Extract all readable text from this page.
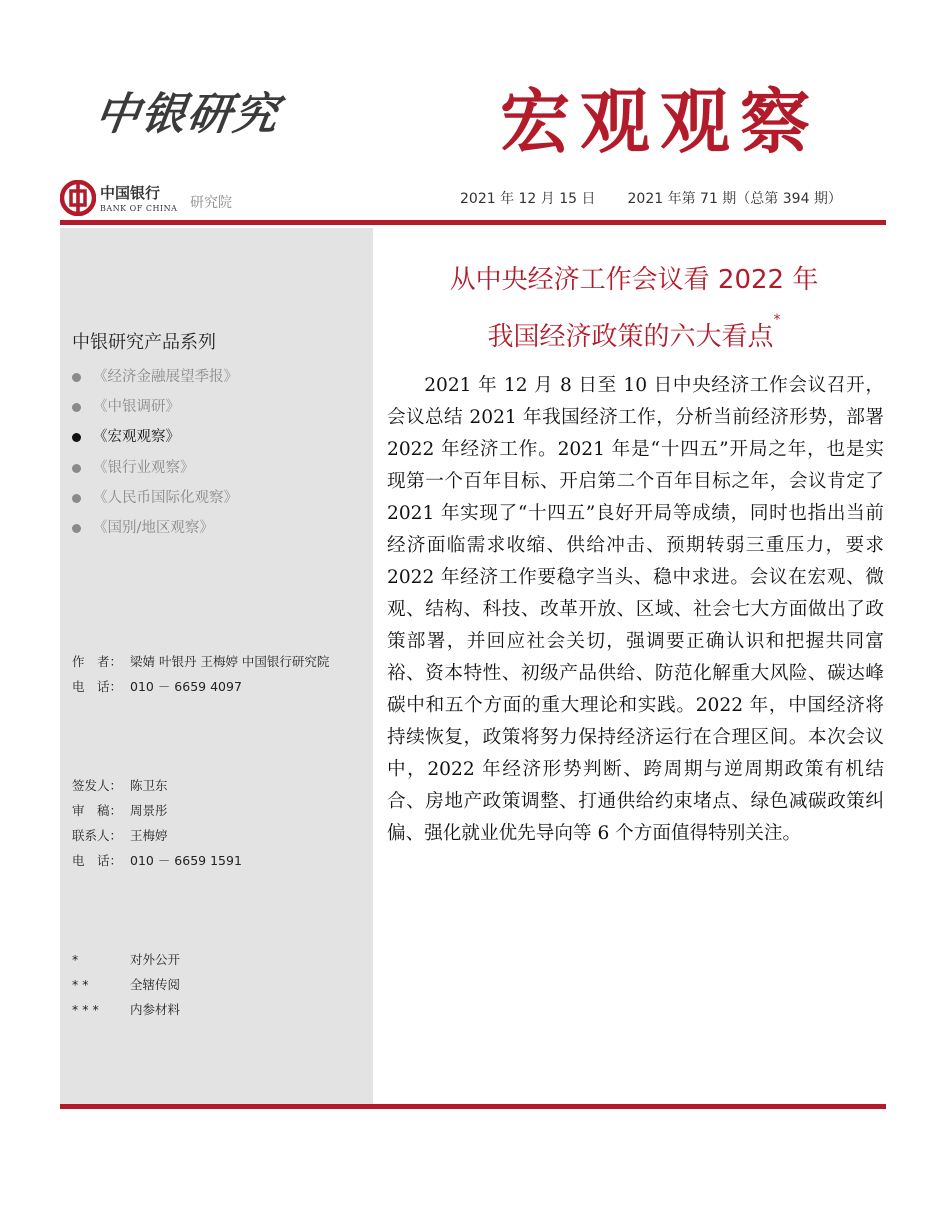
中银研究	宏观观察
中国银行
BANK OF CHINA 研究院	2021 年 12 月 15 日 2021 年第 71 期（总第 394 期）
中银研究产品系列
《经济金融展望季报》
《中银调研》
《宏观观察》
《银行业观察》
《人民币国际化观察》
《国别/地区观察》
作　者： 梁婧 叶银丹 王梅婷 中国银行研究院
电　话： 010 － 6659 4097
签发人： 陈卫东
审　稿： 周景彤
联系人： 王梅婷
电　话： 010 － 6659 1591
*	对外公开
**	全辖传阅
*** 内参材料
从中央经济工作会议看 2022 年
我国经济政策的六大看点*

2021 年 12 月 8 日至 10 日中央经济工作会议召开，会议总结 2021 年我国经济工作，分析当前经济形势，部署 2022 年经济工作。2021 年是“十四五”开局之年，也是实现第一个百年目标、开启第二个百年目标之年，会议肯定了 2021 年实现了“十四五”良好开局等成绩，同时也指出当前经济面临需求收缩、供给冲击、预期转弱三重压力，要求 2022 年经济工作要稳字当头、稳中求进。会议在宏观、微观、结构、科技、改革开放、区域、社会七大方面做出了政策部署，并回应社会关切，强调要正确认识和把握共同富裕、资本特性、初级产品供给、防范化解重大风险、碳达峰碳中和五个方面的重大理论和实践。2022 年，中国经济将持续恢复，政策将努力保持经济运行在合理区间。本次会议中，2022 年经济形势判断、跨周期与逆周期政策有机结合、房地产政策调整、打通供给约束堵点、绿色减碳政策纠偏、强化就业优先导向等 6 个方面值得特别关注。
